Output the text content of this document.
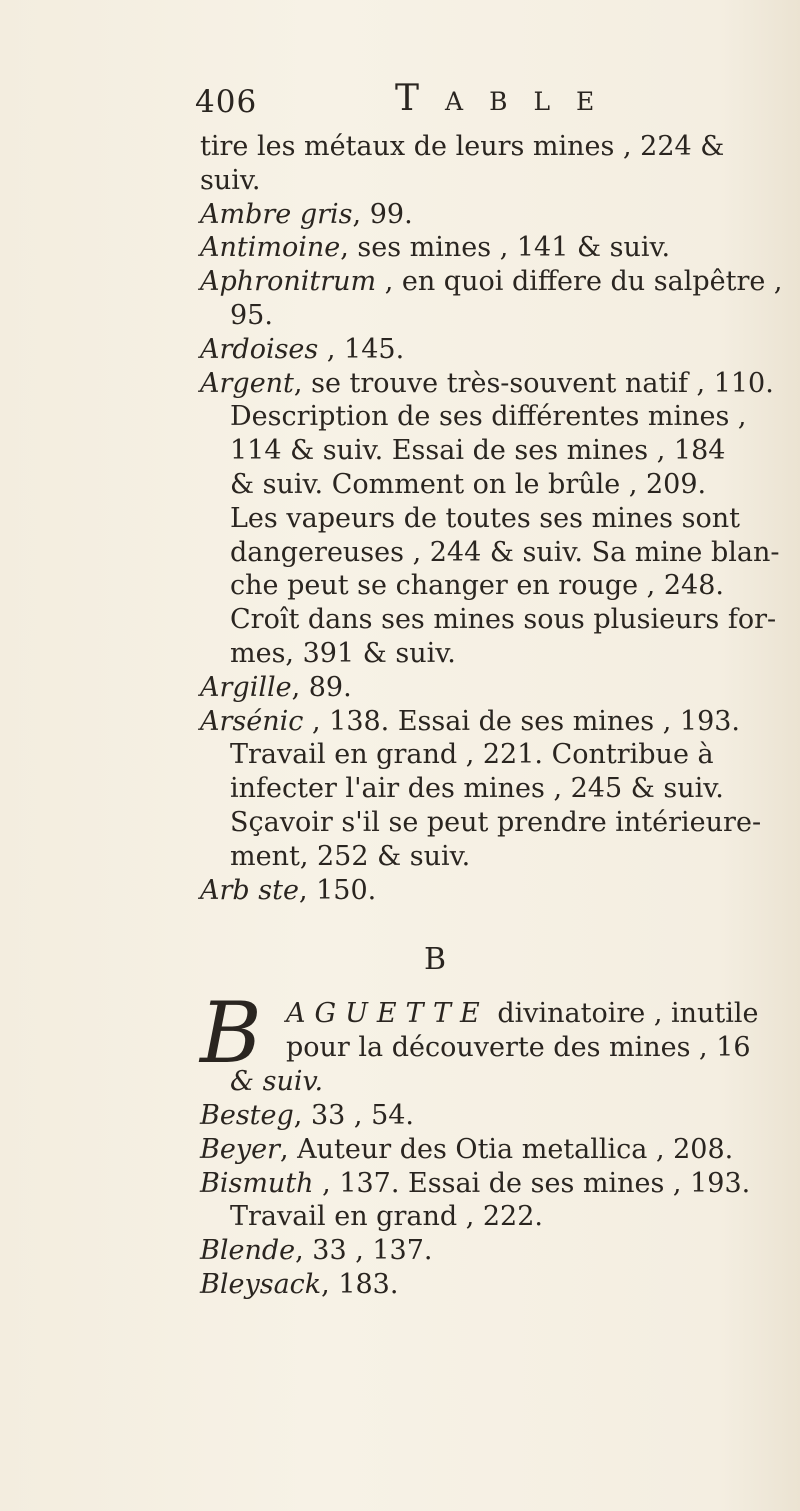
406	Table
tire les métaux de leurs mines , 224 & suiv.
Ambre gris, 99.
Antimoine, ses mines , 141 & suiv.
Aphronitrum , en quoi differe du salpêtre ,
95.
Ardoises , 145.
Argent, se trouve très-souvent natif , 110.
Description de ses différentes mines ,
114 & suiv. Essai de ses mines , 184
& suiv. Comment on le brûle , 209.
Les vapeurs de toutes ses mines sont
dangereuses , 244 & suiv. Sa mine blan-
che peut se changer en rouge , 248.
Croît dans ses mines sous plusieurs for-
mes, 391 & suiv.
Argille, 89.
Arsénic , 138. Essai de ses mines , 193.
Travail en grand , 221. Contribue à
infecter l'air des mines , 245 & suiv.
Sçavoir s'il se peut prendre intérieure-
ment, 252 & suiv.
Arb ste, 150.
B
B AGUETTE divinatoire , inutile
pour la découverte des mines , 16
& suiv.
Besteg, 33 , 54.
Beyer, Auteur des Otia metallica , 208.
Bismuth , 137. Essai de ses mines , 193.
Travail en grand , 222.
Blende, 33 , 137.
Bleysack, 183.
